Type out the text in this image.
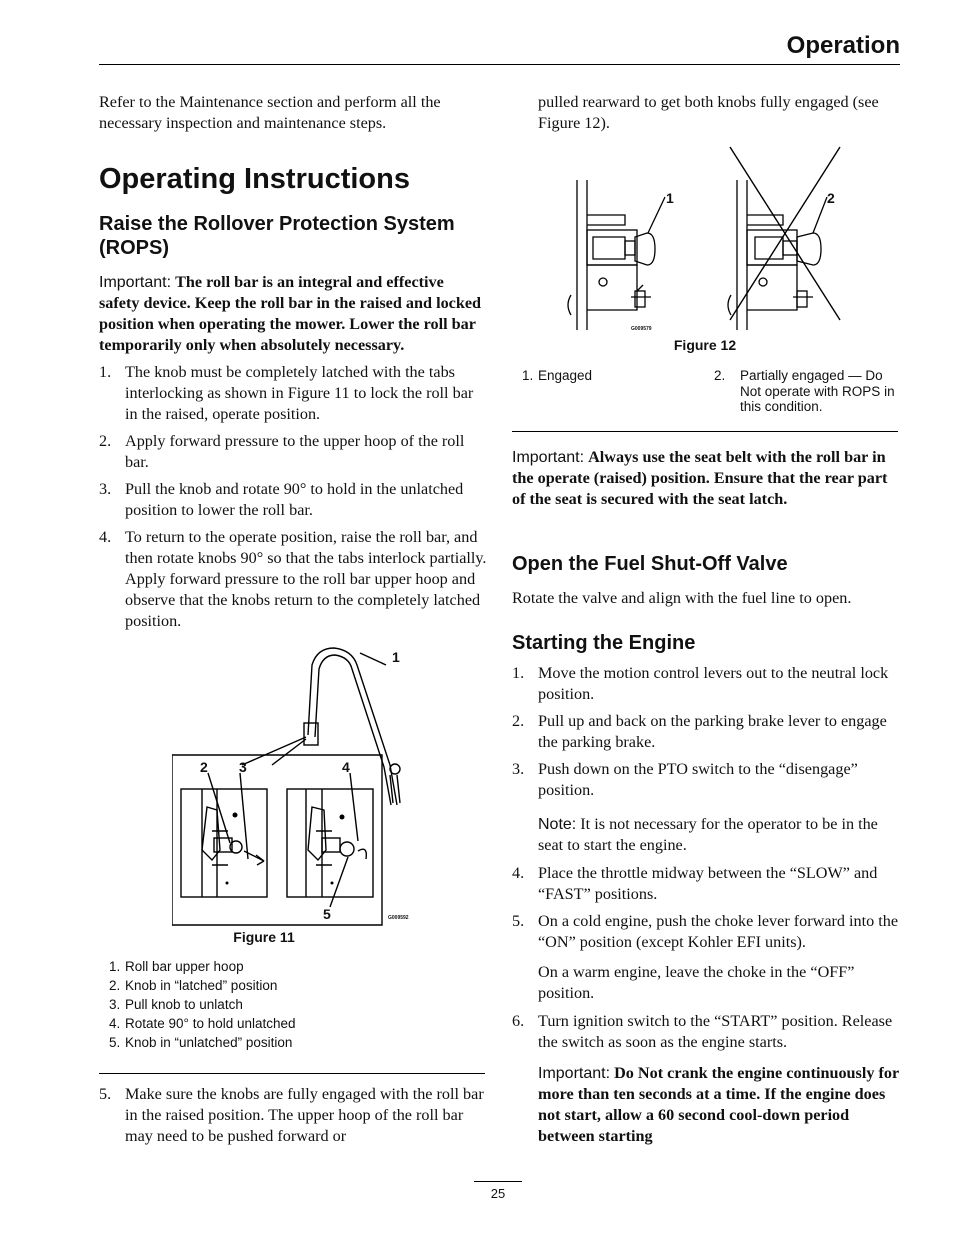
Operation

Refer to the Maintenance section and perform all the necessary inspection and maintenance steps.

Operating Instructions
Raise the Rollover Protection System (ROPS)

Important: The roll bar is an integral and effective safety device. Keep the roll bar in the raised and locked position when operating the mower. Lower the roll bar temporarily only when absolutely necessary.

1. The knob must be completely latched with the tabs interlocking as shown in Figure 11 to lock the roll bar in the raised, operate position.
2. Apply forward pressure to the upper hoop of the roll bar.
3. Pull the knob and rotate 90° to hold in the unlatched position to lower the roll bar.
4. To return to the operate position, raise the roll bar, and then rotate knobs 90° so that the tabs interlock partially. Apply forward pressure to the roll bar upper hoop and observe that the knobs return to the completely latched position.
1
2 3	4
5	G009592
Figure 11
1. Roll bar upper hoop
2. Knob in “latched” position
3. Pull knob to unlatch
4. Rotate 90° to hold unlatched
5. Knob in “unlatched” position
5. Make sure the knobs are fully engaged with the roll bar in the raised position. The upper hoop of the roll bar may need to be pushed forward or
pulled rearward to get both knobs fully engaged (see Figure 12).
1	2
G009579
Figure 12
1. Engaged	2. Partially engaged — Do Not operate with ROPS in this condition.

Important: Always use the seat belt with the roll bar in the operate (raised) position. Ensure that the rear part of the seat is secured with the seat latch.

Open the Fuel Shut-Off Valve

Rotate the valve and align with the fuel line to open.

Starting the Engine
1. Move the motion control levers out to the neutral lock position.
2. Pull up and back on the parking brake lever to engage the parking brake.
3. Push down on the PTO switch to the “disengage” position.

Note: It is not necessary for the operator to be in the seat to start the engine.

4. Place the throttle midway between the “SLOW” and “FAST” positions.
5. On a cold engine, push the choke lever forward into the “ON” position (except Kohler EFI units).

On a warm engine, leave the choke in the “OFF” position.

6. Turn ignition switch to the “START” position. Release the switch as soon as the engine starts.

Important: Do Not crank the engine continuously for more than ten seconds at a time. If the engine does not start, allow a 60 second cool-down period between starting

25
